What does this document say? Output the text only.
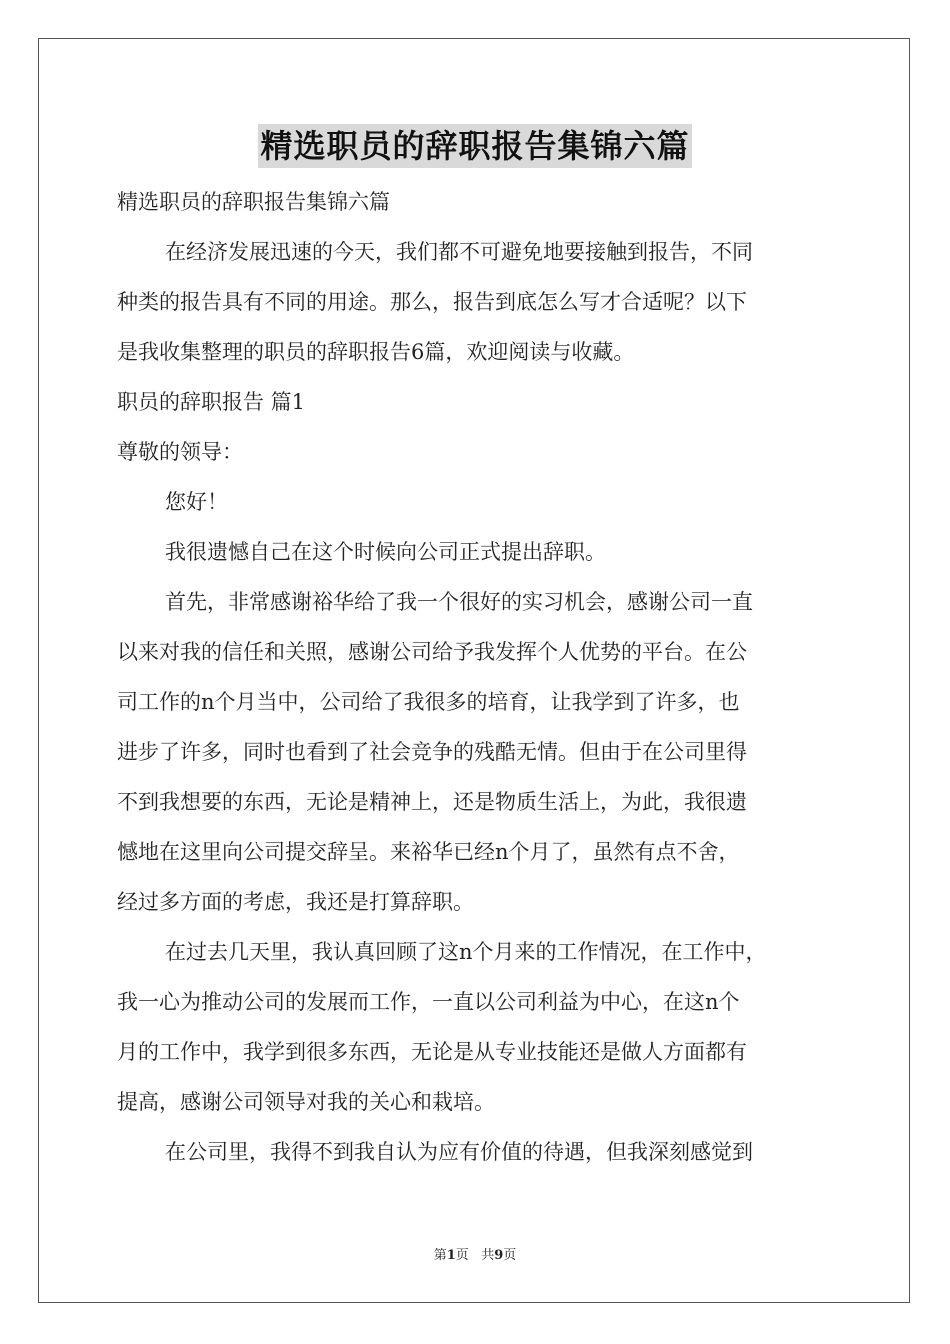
精选职员的辞职报告集锦六篇
精选职员的辞职报告集锦六篇
在经济发展迅速的今天，我们都不可避免地要接触到报告，不同
种类的报告具有不同的用途。那么，报告到底怎么写才合适呢？以下
是我收集整理的职员的辞职报告6篇，欢迎阅读与收藏。
职员的辞职报告 篇1
尊敬的领导：
您好！
我很遗憾自己在这个时候向公司正式提出辞职。
首先，非常感谢裕华给了我一个很好的实习机会，感谢公司一直
以来对我的信任和关照，感谢公司给予我发挥个人优势的平台。在公
司工作的n个月当中，公司给了我很多的培育，让我学到了许多，也
进步了许多，同时也看到了社会竞争的残酷无情。但由于在公司里得
不到我想要的东西，无论是精神上，还是物质生活上，为此，我很遗
憾地在这里向公司提交辞呈。来裕华已经n个月了，虽然有点不舍，
经过多方面的考虑，我还是打算辞职。
在过去几天里，我认真回顾了这n个月来的工作情况，在工作中，
我一心为推动公司的发展而工作，一直以公司利益为中心，在这n个
月的工作中，我学到很多东西，无论是从专业技能还是做人方面都有
提高，感谢公司领导对我的关心和栽培。
在公司里，我得不到我自认为应有价值的待遇，但我深刻感觉到
第1页 共9页
